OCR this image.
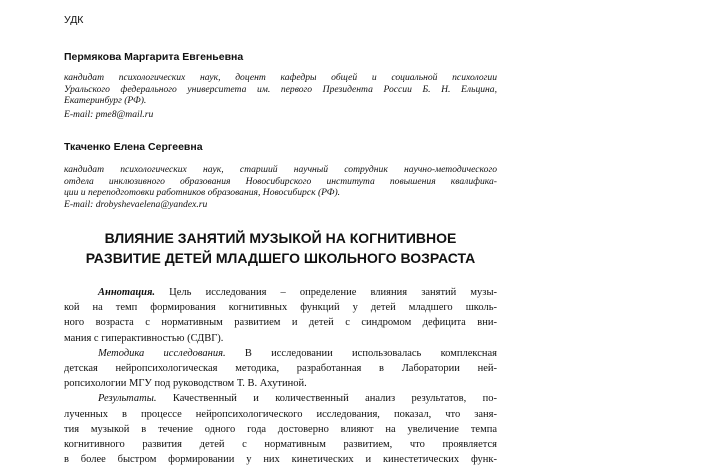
УДК
Пермякова Маргарита Евгеньевна
кандидат психологических наук, доцент кафедры общей и социальной психологии
Уральского федерального университета им. первого Президента России Б. Н. Ельцина,
Екатеринбург (РФ).
E-mail: pme8@mail.ru
Ткаченко Елена Сергеевна
кандидат психологических наук, старший научный сотрудник научно-методического
отдела инклюзивного образования Новосибирского института повышения квалифика-
ции и переподготовки работников образования, Новосибирск (РФ).
E-mail: drobyshevaelena@yandex.ru
ВЛИЯНИЕ ЗАНЯТИЙ МУЗЫКОЙ НА КОГНИТИВНОЕ
РАЗВИТИЕ ДЕТЕЙ МЛАДШЕГО ШКОЛЬНОГО ВОЗРАСТА
Аннотация. Цель исследования – определение влияния занятий музы-
кой на темп формирования когнитивных функций у детей младшего школь-
ного возраста с нормативным развитием и детей с синдромом дефицита вни-
мания с гиперактивностью (СДВГ).
Методика исследования. В исследовании использовалась комплексная
детская нейропсихологическая методика, разработанная в Лаборатории ней-
ропсихологии МГУ под руководством Т. В. Ахутиной.
Результаты. Качественный и количественный анализ результатов, по-
лученных в процессе нейропсихологического исследования, показал, что заня-
тия музыкой в течение одного года достоверно влияют на увеличение темпа
когнитивного развития детей с нормативным развитием, что проявляется
в более быстром формировании у них кинетических и кинестетических функ-
